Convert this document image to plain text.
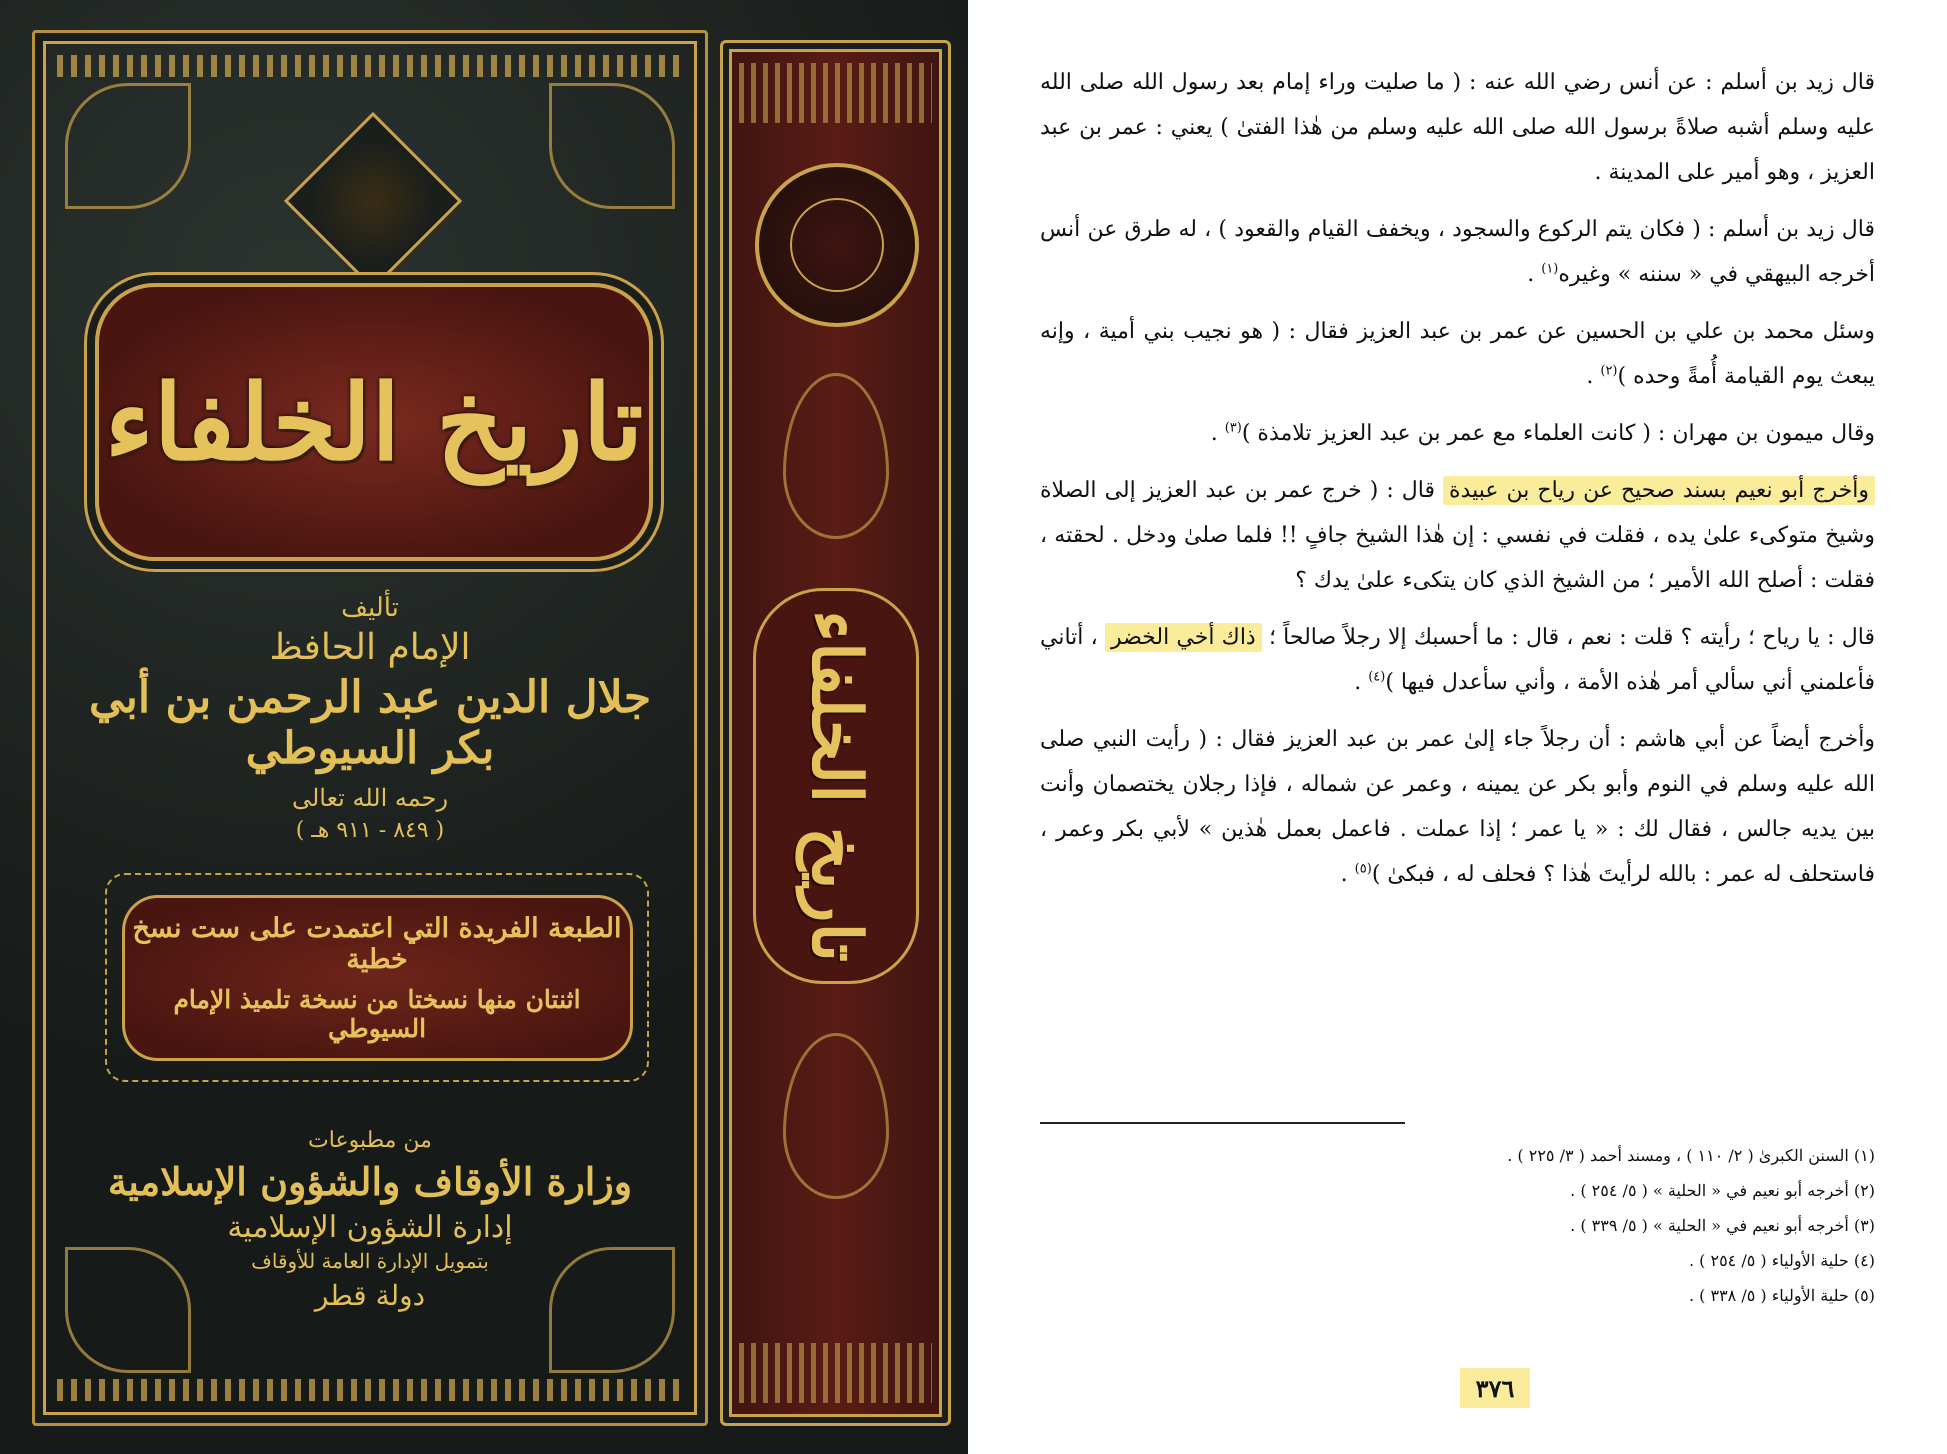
تاريخ الخلفاء
تأليف
الإمام الحافظ
جلال الدين عبد الرحمن بن أبي بكر السيوطي
رحمه الله تعالى
( ٨٤٩ - ٩١١ هـ )
الطبعة الفريدة التي اعتمدت على ست نسخ خطية
اثنتان منها نسختا من نسخة تلميذ الإمام السيوطي
من مطبوعات
وزارة الأوقاف والشؤون الإسلامية
إدارة الشؤون الإسلامية
بتمويل الإدارة العامة للأوقاف
دولة قطر
تاريخ الخلفاء

قال زيد بن أسلم : عن أنس رضي الله عنه : ( ما صليت وراء إمام بعد رسول الله صلى الله عليه وسلم أشبه صلاةً برسول الله صلى الله عليه وسلم من هٰذا الفتىٰ ) يعني : عمر بن عبد العزيز ، وهو أمير على المدينة .

قال زيد بن أسلم : ( فكان يتم الركوع والسجود ، ويخفف القيام والقعود ) ، له طرق عن أنس أخرجه البيهقي في « سننه » وغيره$^{(١)}$ .

وسئل محمد بن علي بن الحسين عن عمر بن عبد العزيز فقال : ( هو نجيب بني أمية ، وإنه يبعث يوم القيامة أُمةً وحده )$^{(٢)}$ .

وقال ميمون بن مهران : ( كانت العلماء مع عمر بن عبد العزيز تلامذة )$^{(٣)}$ .

وأخرج أبو نعيم بسند صحيح عن رياح بن عبيدة قال : ( خرج عمر بن عبد العزيز إلى الصلاة وشيخ متوكىء علىٰ يده ، فقلت في نفسي : إن هٰذا الشيخ جافٍ !! فلما صلىٰ ودخل . لحقته ، فقلت : أصلح الله الأمير ؛ من الشيخ الذي كان يتكىء علىٰ يدك ؟

قال : يا رياح ؛ رأيته ؟ قلت : نعم ، قال : ما أحسبك إلا رجلاً صالحاً ؛ ذاك أخي الخضر ، أتاني فأعلمني أني سألي أمر هٰذه الأمة ، وأني سأعدل فيها )$^{(٤)}$ .

وأخرج أيضاً عن أبي هاشم : أن رجلاً جاء إلىٰ عمر بن عبد العزيز فقال : ( رأيت النبي صلى الله عليه وسلم في النوم وأبو بكر عن يمينه ، وعمر عن شماله ، فإذا رجلان يختصمان وأنت بين يديه جالس ، فقال لك : « يا عمر ؛ إذا عملت . فاعمل بعمل هٰذين » لأبي بكر وعمر ، فاستحلف له عمر : بالله لرأيتَ هٰذا ؟ فحلف له ، فبكىٰ )$^{(٥)}$ .

(١) السنن الكبرىٰ ( ٢/ ١١٠ ) ، ومسند أحمد ( ٣/ ٢٢٥ ) .
(٢) أخرجه أبو نعيم في « الحلية » ( ٥/ ٢٥٤ ) .
(٣) أخرجه أبو نعيم في « الحلية » ( ٥/ ٣٣٩ ) .
(٤) حلية الأولياء ( ٥/ ٢٥٤ ) .
(٥) حلية الأولياء ( ٥/ ٣٣٨ ) .
٣٧٦
